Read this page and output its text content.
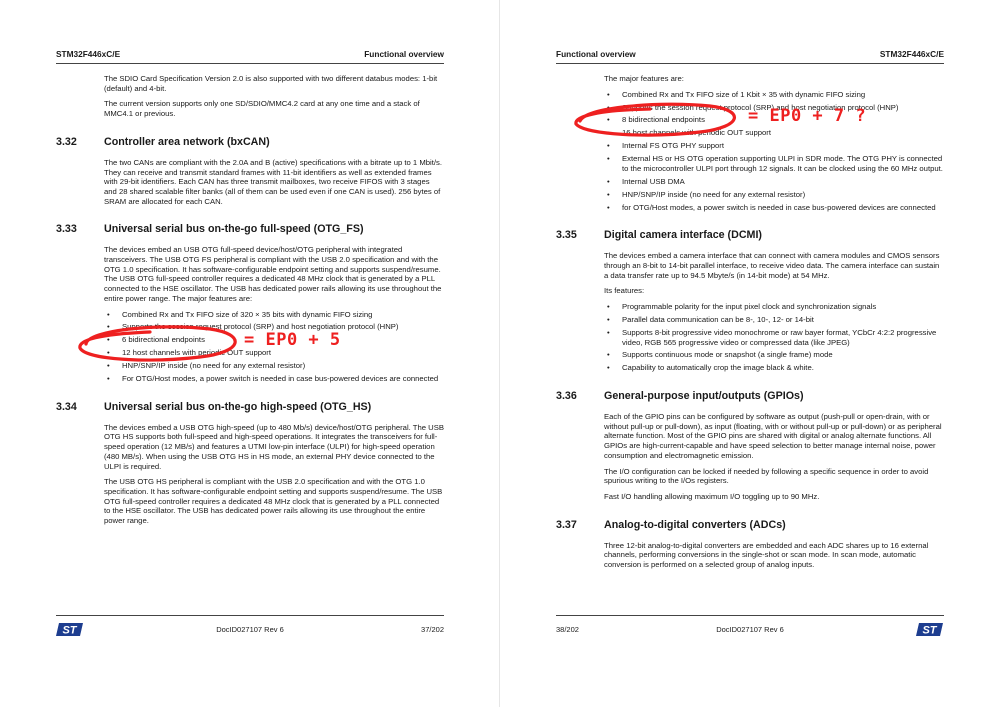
STM32F446xC/E	Functional overview

The SDIO Card Specification Version 2.0 is also supported with two different databus modes: 1-bit (default) and 4-bit.

The current version supports only one SD/SDIO/MMC4.2 card at any one time and a stack of MMC4.1 or previous.

3.32	Controller area network (bxCAN)

The two CANs are compliant with the 2.0A and B (active) specifications with a bitrate up to 1 Mbit/s. They can receive and transmit standard frames with 11-bit identifiers as well as extended frames with 29-bit identifiers. Each CAN has three transmit mailboxes, two receive FIFOS with 3 stages and 28 shared scalable filter banks (all of them can be used even if one CAN is used). 256 bytes of SRAM are allocated for each CAN.

3.33	Universal serial bus on-the-go full-speed (OTG_FS)

The devices embed an USB OTG full-speed device/host/OTG peripheral with integrated transceivers. The USB OTG FS peripheral is compliant with the USB 2.0 specification and with the OTG 1.0 specification. It has software-configurable endpoint setting and supports suspend/resume. The USB OTG full-speed controller requires a dedicated 48 MHz clock that is generated by a PLL connected to the HSE oscillator. The USB has dedicated power rails allowing its use throughout the entire power range. The major features are:

• Combined Rx and Tx FIFO size of 320 × 35 bits with dynamic FIFO sizing
• Supports the session request protocol (SRP) and host negotiation protocol (HNP)
• 6 bidirectional endpoints
• 12 host channels with periodic OUT support
• HNP/SNP/IP inside (no need for any external resistor)
• For OTG/Host modes, a power switch is needed in case bus-powered devices are connected
3.34	Universal serial bus on-the-go high-speed (OTG_HS)

The devices embed a USB OTG high-speed (up to 480 Mb/s) device/host/OTG peripheral. The USB OTG HS supports both full-speed and high-speed operations. It integrates the transceivers for full-speed operation (12 MB/s) and features a UTMI low-pin interface (ULPI) for high-speed operation (480 MB/s). When using the USB OTG HS in HS mode, an external PHY device connected to the ULPI is required.

The USB OTG HS peripheral is compliant with the USB 2.0 specification and with the OTG 1.0 specification. It has software-configurable endpoint setting and supports suspend/resume. The USB OTG full-speed controller requires a dedicated 48 MHz clock that is generated by a PLL connected to the HSE oscillator. The USB has dedicated power rails allowing its use throughout the entire power range.

ST	DocID027107 Rev 6	37/202
Functional overview	STM32F446xC/E

The major features are:

• Combined Rx and Tx FIFO size of 1 Kbit × 35 with dynamic FIFO sizing
• Supports the session request protocol (SRP) and host negotiation protocol (HNP)
• 8 bidirectional endpoints
• 16 host channels with periodic OUT support
• Internal FS OTG PHY support
• External HS or HS OTG operation supporting ULPI in SDR mode. The OTG PHY is connected to the microcontroller ULPI port through 12 signals. It can be clocked using the 60 MHz output.
• Internal USB DMA
• HNP/SNP/IP inside (no need for any external resistor)
• for OTG/Host modes, a power switch is needed in case bus-powered devices are connected
3.35	Digital camera interface (DCMI)

The devices embed a camera interface that can connect with camera modules and CMOS sensors through an 8-bit to 14-bit parallel interface, to receive video data. The camera interface can sustain a data transfer rate up to 94.5 Mbyte/s (in 14-bit mode) at 54 MHz.

Its features:

• Programmable polarity for the input pixel clock and synchronization signals
• Parallel data communication can be 8-, 10-, 12- or 14-bit
• Supports 8-bit progressive video monochrome or raw bayer format, YCbCr 4:2:2 progressive video, RGB 565 progressive video or compressed data (like JPEG)
• Supports continuous mode or snapshot (a single frame) mode
• Capability to automatically crop the image black & white.
3.36	General-purpose input/outputs (GPIOs)

Each of the GPIO pins can be configured by software as output (push-pull or open-drain, with or without pull-up or pull-down), as input (floating, with or without pull-up or pull-down) or as peripheral alternate function. Most of the GPIO pins are shared with digital or analog alternate functions. All GPIOs are high-current-capable and have speed selection to better manage internal noise, power consumption and electromagnetic emission.

The I/O configuration can be locked if needed by following a specific sequence in order to avoid spurious writing to the I/Os registers.

Fast I/O handling allowing maximum I/O toggling up to 90 MHz.

3.37	Analog-to-digital converters (ADCs)

Three 12-bit analog-to-digital converters are embedded and each ADC shares up to 16 external channels, performing conversions in the single-shot or scan mode. In scan mode, automatic conversion is performed on a selected group of analog inputs.

38/202	DocID027107 Rev 6	ST
= EP0 + 5
= EP0 + 7 ?
